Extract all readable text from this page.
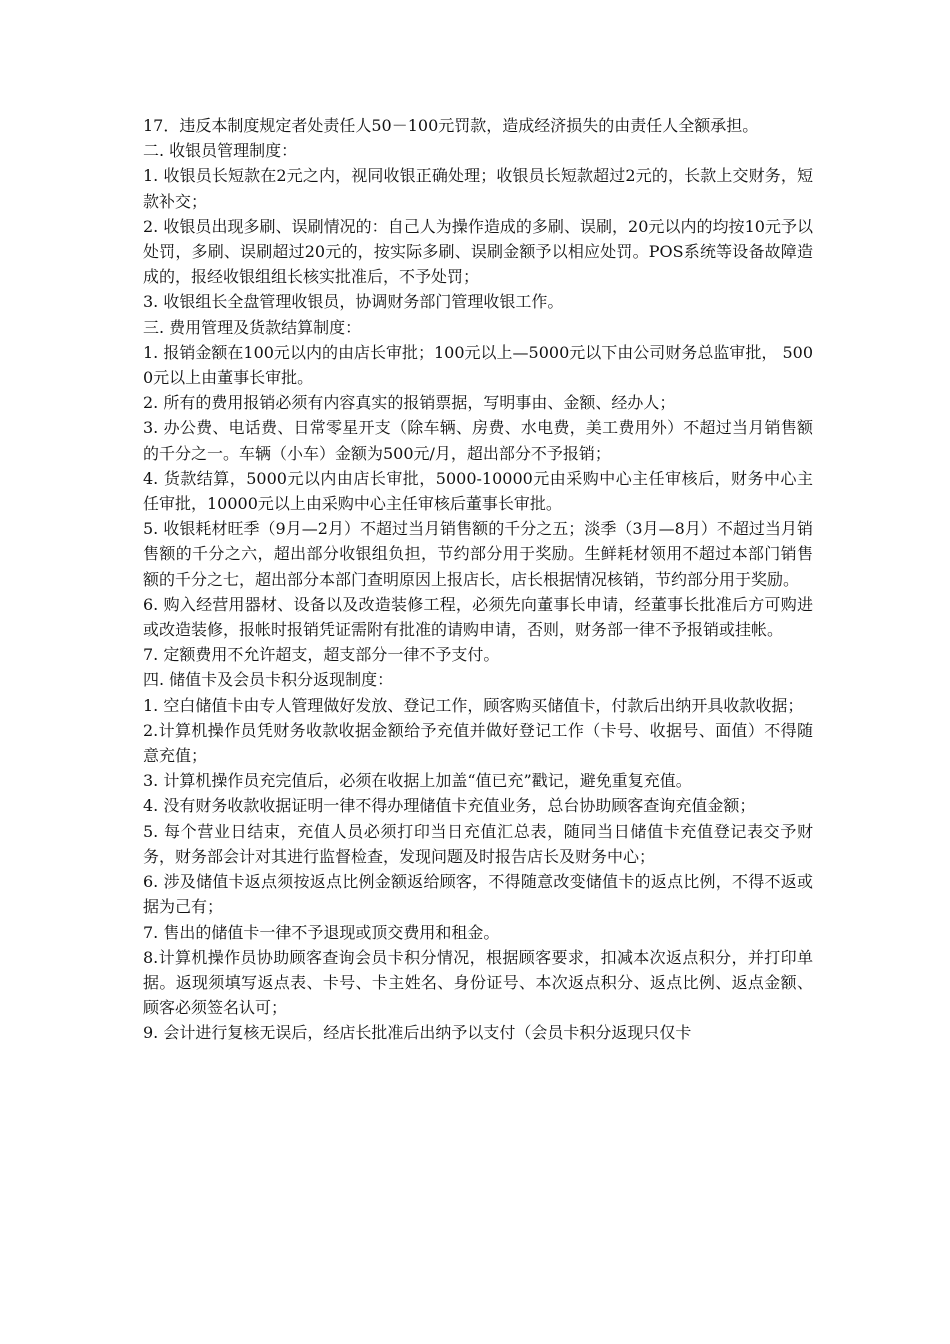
17．违反本制度规定者处责任人50－100元罚款，造成经济损失的由责任人全额承担。

二. 收银员管理制度：

1. 收银员长短款在2元之内，视同收银正确处理；收银员长短款超过2元的，长款上交财务，短款补交；

2. 收银员出现多刷、误刷情况的：自己人为操作造成的多刷、误刷，20元以内的均按10元予以处罚，多刷、误刷超过20元的，按实际多刷、误刷金额予以相应处罚。POS系统等设备故障造成的，报经收银组组长核实批准后，不予处罚；

3. 收银组长全盘管理收银员，协调财务部门管理收银工作。

三. 费用管理及货款结算制度：

1. 报销金额在100元以内的由店长审批；100元以上—5000元以下由公司财务总监审批， 5000元以上由董事长审批。

2. 所有的费用报销必须有内容真实的报销票据，写明事由、金额、经办人；

3. 办公费、电话费、日常零星开支（除车辆、房费、水电费，美工费用外）不超过当月销售额的千分之一。车辆（小车）金额为500元/月，超出部分不予报销；

4. 货款结算，5000元以内由店长审批，5000-10000元由采购中心主任审核后，财务中心主任审批，10000元以上由采购中心主任审核后董事长审批。

5. 收银耗材旺季（9月—2月）不超过当月销售额的千分之五；淡季（3月—8月）不超过当月销售额的千分之六，超出部分收银组负担，节约部分用于奖励。生鲜耗材领用不超过本部门销售额的千分之七，超出部分本部门查明原因上报店长，店长根据情况核销，节约部分用于奖励。

6. 购入经营用器材、设备以及改造装修工程，必须先向董事长申请，经董事长批准后方可购进或改造装修，报帐时报销凭证需附有批准的请购申请，否则，财务部一律不予报销或挂帐。

7. 定额费用不允许超支，超支部分一律不予支付。

四. 储值卡及会员卡积分返现制度：

1. 空白储值卡由专人管理做好发放、登记工作，顾客购买储值卡，付款后出纳开具收款收据；

2.计算机操作员凭财务收款收据金额给予充值并做好登记工作（卡号、收据号、面值）不得随意充值；

3. 计算机操作员充完值后，必须在收据上加盖“值已充”戳记，避免重复充值。

4. 没有财务收款收据证明一律不得办理储值卡充值业务，总台协助顾客查询充值金额；

5. 每个营业日结束，充值人员必须打印当日充值汇总表，随同当日储值卡充值登记表交予财务，财务部会计对其进行监督检查，发现问题及时报告店长及财务中心；

6. 涉及储值卡返点须按返点比例金额返给顾客，不得随意改变储值卡的返点比例，不得不返或据为己有；

7. 售出的储值卡一律不予退现或顶交费用和租金。

8.计算机操作员协助顾客查询会员卡积分情况，根据顾客要求，扣减本次返点积分，并打印单据。返现须填写返点表、卡号、卡主姓名、身份证号、本次返点积分、返点比例、返点金额、顾客必须签名认可；

9. 会计进行复核无误后，经店长批准后出纳予以支付（会员卡积分返现只仅卡
